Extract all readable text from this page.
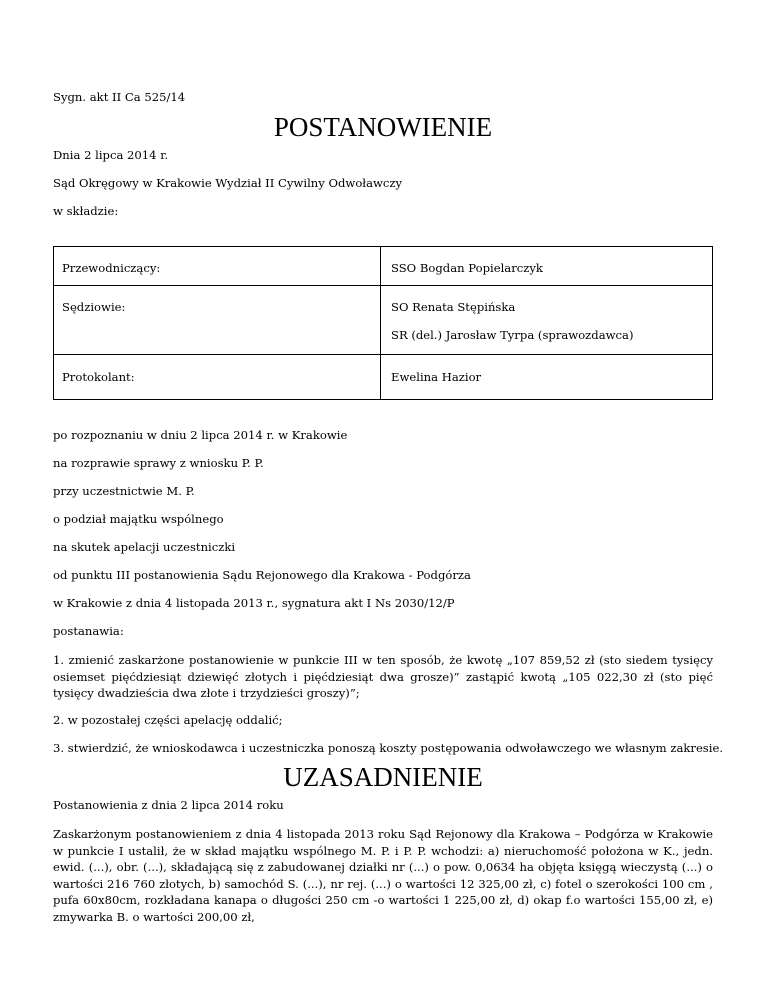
Sygn. akt II Ca 525/14
POSTANOWIENIE
Dnia 2 lipca 2014 r.
Sąd Okręgowy w Krakowie Wydział II Cywilny Odwoławczy
w składzie:
Przewodniczący:	SSO Bogdan Popielarczyk
Sędziowie:	SO Renata Stępińska
SR (del.) Jarosław Tyrpa (sprawozdawca)
Protokolant:	Ewelina Hazior
po rozpoznaniu w dniu 2 lipca 2014 r. w Krakowie
na rozprawie sprawy z wniosku P. P.
przy uczestnictwie M. P.
o podział majątku wspólnego
na skutek apelacji uczestniczki
od punktu III postanowienia Sądu Rejonowego dla Krakowa - Podgórza
w Krakowie z dnia 4 listopada 2013 r., sygnatura akt I Ns 2030/12/P
postanawia:
1. zmienić zaskarżone postanowienie w punkcie III w ten sposób, że kwotę „107 859,52 zł (sto siedem tysięcy osiemset pięćdziesiąt dziewięć złotych i pięćdziesiąt dwa grosze)” zastąpić kwotą „105 022,30 zł (sto pięć tysięcy dwadzieścia dwa złote i trzydzieści groszy)”;
2. w pozostałej części apelację oddalić;
3. stwierdzić, że wnioskodawca i uczestniczka ponoszą koszty postępowania odwoławczego we własnym zakresie.
UZASADNIENIE
Postanowienia z dnia 2 lipca 2014 roku
Zaskarżonym postanowieniem z dnia 4 listopada 2013 roku Sąd Rejonowy dla Krakowa – Podgórza w Krakowie w punkcie I ustalił, że w skład majątku wspólnego M. P. i P. P. wchodzi: a) nieruchomość położona w K., jedn. ewid. (...), obr. (...), składającą się z zabudowanej działki nr (...) o pow. 0,0634 ha objęta księgą wieczystą (...) o wartości 216 760 złotych, b) samochód S. (...), nr rej. (...) o wartości 12 325,00 zł, c) fotel o szerokości 100 cm , pufa 60x80cm, rozkładana kanapa o długości 250 cm -o wartości 1 225,00 zł, d) okap f.o wartości 155,00 zł, e) zmywarka B. o wartości 200,00 zł,
